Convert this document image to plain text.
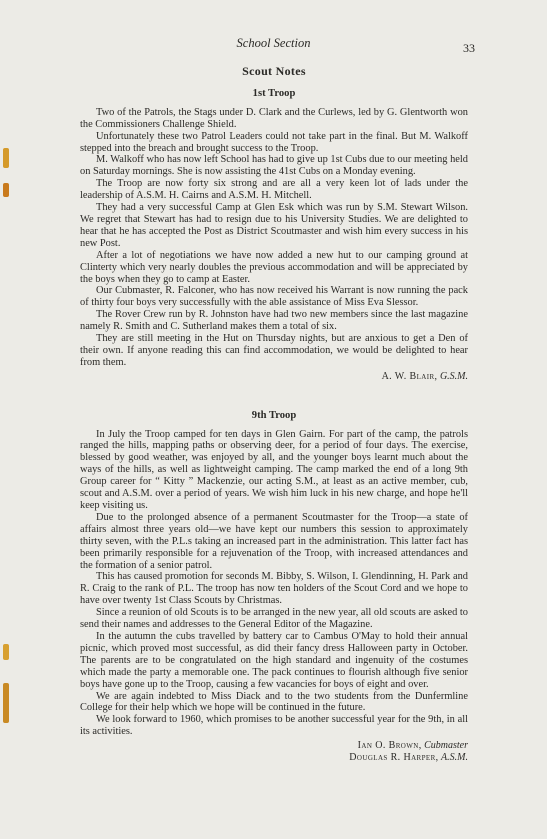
School Section	33
Scout Notes
1st Troop

Two of the Patrols, the Stags under D. Clark and the Curlews, led by G. Glentworth won the Commissioners Challenge Shield.

Unfortunately these two Patrol Leaders could not take part in the final. But M. Walkoff stepped into the breach and brought success to the Troop.

M. Walkoff who has now left School has had to give up 1st Cubs due to our meeting held on Saturday mornings. She is now assisting the 41st Cubs on a Monday evening.

The Troop are now forty six strong and are all a very keen lot of lads under the leadership of A.S.M. H. Cairns and A.S.M. H. Mitchell.

They had a very successful Camp at Glen Esk which was run by S.M. Stewart Wilson. We regret that Stewart has had to resign due to his University Studies. We are delighted to hear that he has accepted the Post as District Scoutmaster and wish him every success in his new Post.

After a lot of negotiations we have now added a new hut to our camping ground at Clinterty which very nearly doubles the previous accommodation and will be appreciated by the boys when they go to camp at Easter.

Our Cubmaster, R. Falconer, who has now received his Warrant is now running the pack of thirty four boys very successfully with the able assistance of Miss Eva Slessor.

The Rover Crew run by R. Johnston have had two new members since the last magazine namely R. Smith and C. Sutherland makes them a total of six.

They are still meeting in the Hut on Thursday nights, but are anxious to get a Den of their own. If anyone reading this can find accommodation, we would be delighted to hear from them.

A. W. Blair, G.S.M.
9th Troop

In July the Troop camped for ten days in Glen Gairn. For part of the camp, the patrols ranged the hills, mapping paths or observing deer, for a period of four days. The exercise, blessed by good weather, was enjoyed by all, and the younger boys learnt much about the ways of the hills, as well as lightweight camping. The camp marked the end of a long 9th Group career for “ Kitty ” Mackenzie, our acting S.M., at least as an active member, cub, scout and A.S.M. over a period of years. We wish him luck in his new charge, and hope he'll keep visiting us.

Due to the prolonged absence of a permanent Scoutmaster for the Troop—a state of affairs almost three years old—we have kept our numbers this session to approximately thirty seven, with the P.L.s taking an increased part in the administration. This latter fact has been primarily responsible for a rejuvenation of the Troop, with increased attendances and the formation of a senior patrol.

This has caused promotion for seconds M. Bibby, S. Wilson, I. Glendinning, H. Park and R. Craig to the rank of P.L. The troop has now ten holders of the Scout Cord and we hope to have over twenty 1st Class Scouts by Christmas.

Since a reunion of old Scouts is to be arranged in the new year, all old scouts are asked to send their names and addresses to the General Editor of the Magazine.

In the autumn the cubs travelled by battery car to Cambus O'May to hold their annual picnic, which proved most successful, as did their fancy dress Halloween party in October. The parents are to be congratulated on the high standard and ingenuity of the costumes which made the party a memorable one. The pack continues to flourish although five senior boys have gone up to the Troop, causing a few vacancies for boys of eight and over.

We are again indebted to Miss Diack and to the two students from the Dunfermline College for their help which we hope will be continued in the future.

We look forward to 1960, which promises to be another successful year for the 9th, in all its activities.

Ian O. Brown, Cubmaster
Douglas R. Harper, A.S.M.
